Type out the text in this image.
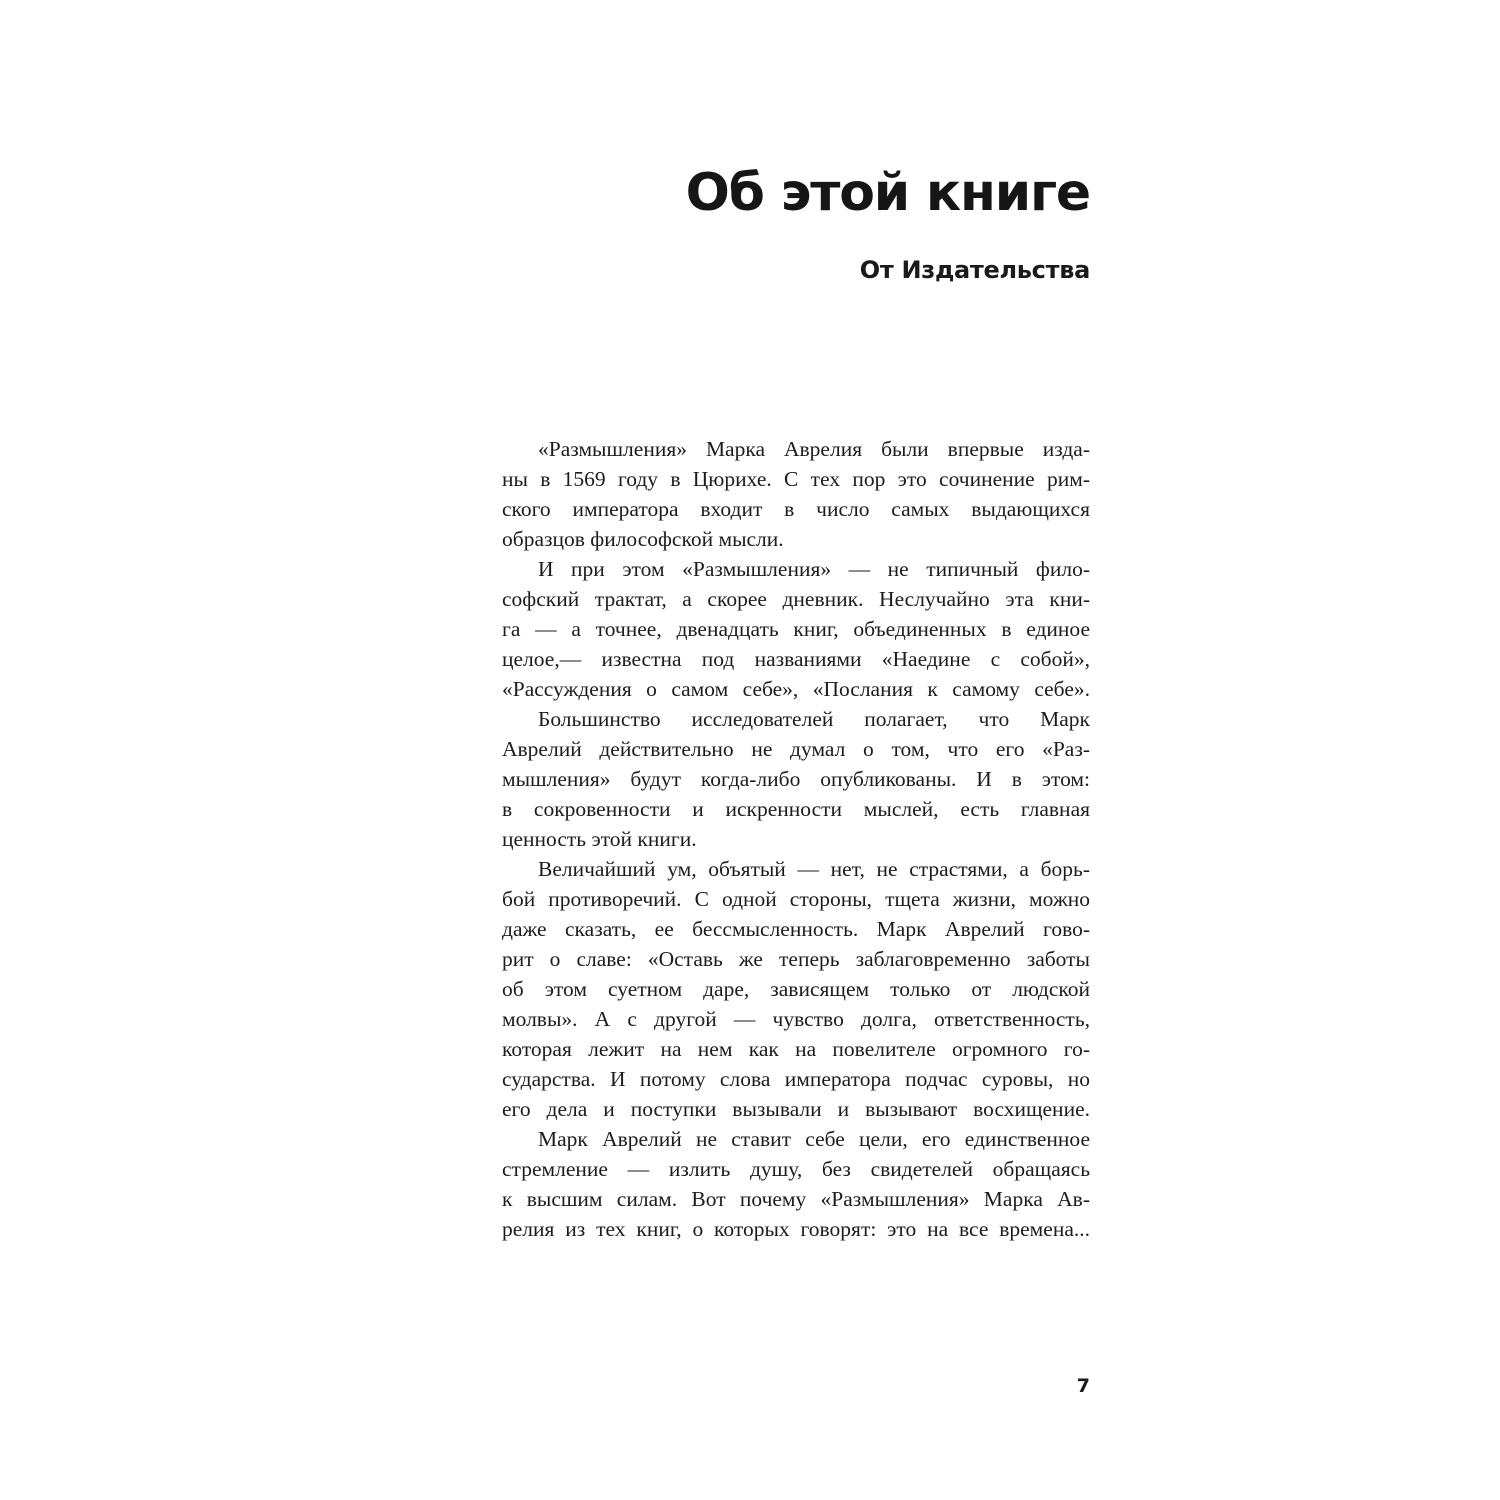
Об этой книге
От Издательства
«Размышления» Марка Аврелия были впервые изда-
ны в 1569 году в Цюрихе. С тех пор это сочинение рим-
ского императора входит в число самых выдающихся
образцов философской мысли.
И при этом «Размышления» — не типичный фило-
софский трактат, а скорее дневник. Неслучайно эта кни-
га — а точнее, двенадцать книг, объединенных в единое
целое,— известна под названиями «Наедине с собой»,
«Рассуждения о самом себе», «Послания к самому себе».
Большинство исследователей полагает, что Марк
Аврелий действительно не думал о том, что его «Раз-
мышления» будут когда-либо опубликованы. И в этом:
в сокровенности и искренности мыслей, есть главная
ценность этой книги.
Величайший ум, объятый — нет, не страстями, а борь-
бой противоречий. С одной стороны, тщета жизни, можно
даже сказать, ее бессмысленность. Марк Аврелий гово-
рит о славе: «Оставь же теперь заблаговременно заботы
об этом суетном даре, зависящем только от людской
молвы». А с другой — чувство долга, ответственность,
которая лежит на нем как на повелителе огромного го-
сударства. И потому слова императора подчас суровы, но
его дела и поступки вызывали и вызывают восхищение.
Марк Аврелий не ставит себе цели, его единственное
стремление — излить душу, без свидетелей обращаясь
к высшим силам. Вот почему «Размышления» Марка Ав-
релия из тех книг, о которых говорят: это на все времена...
7
